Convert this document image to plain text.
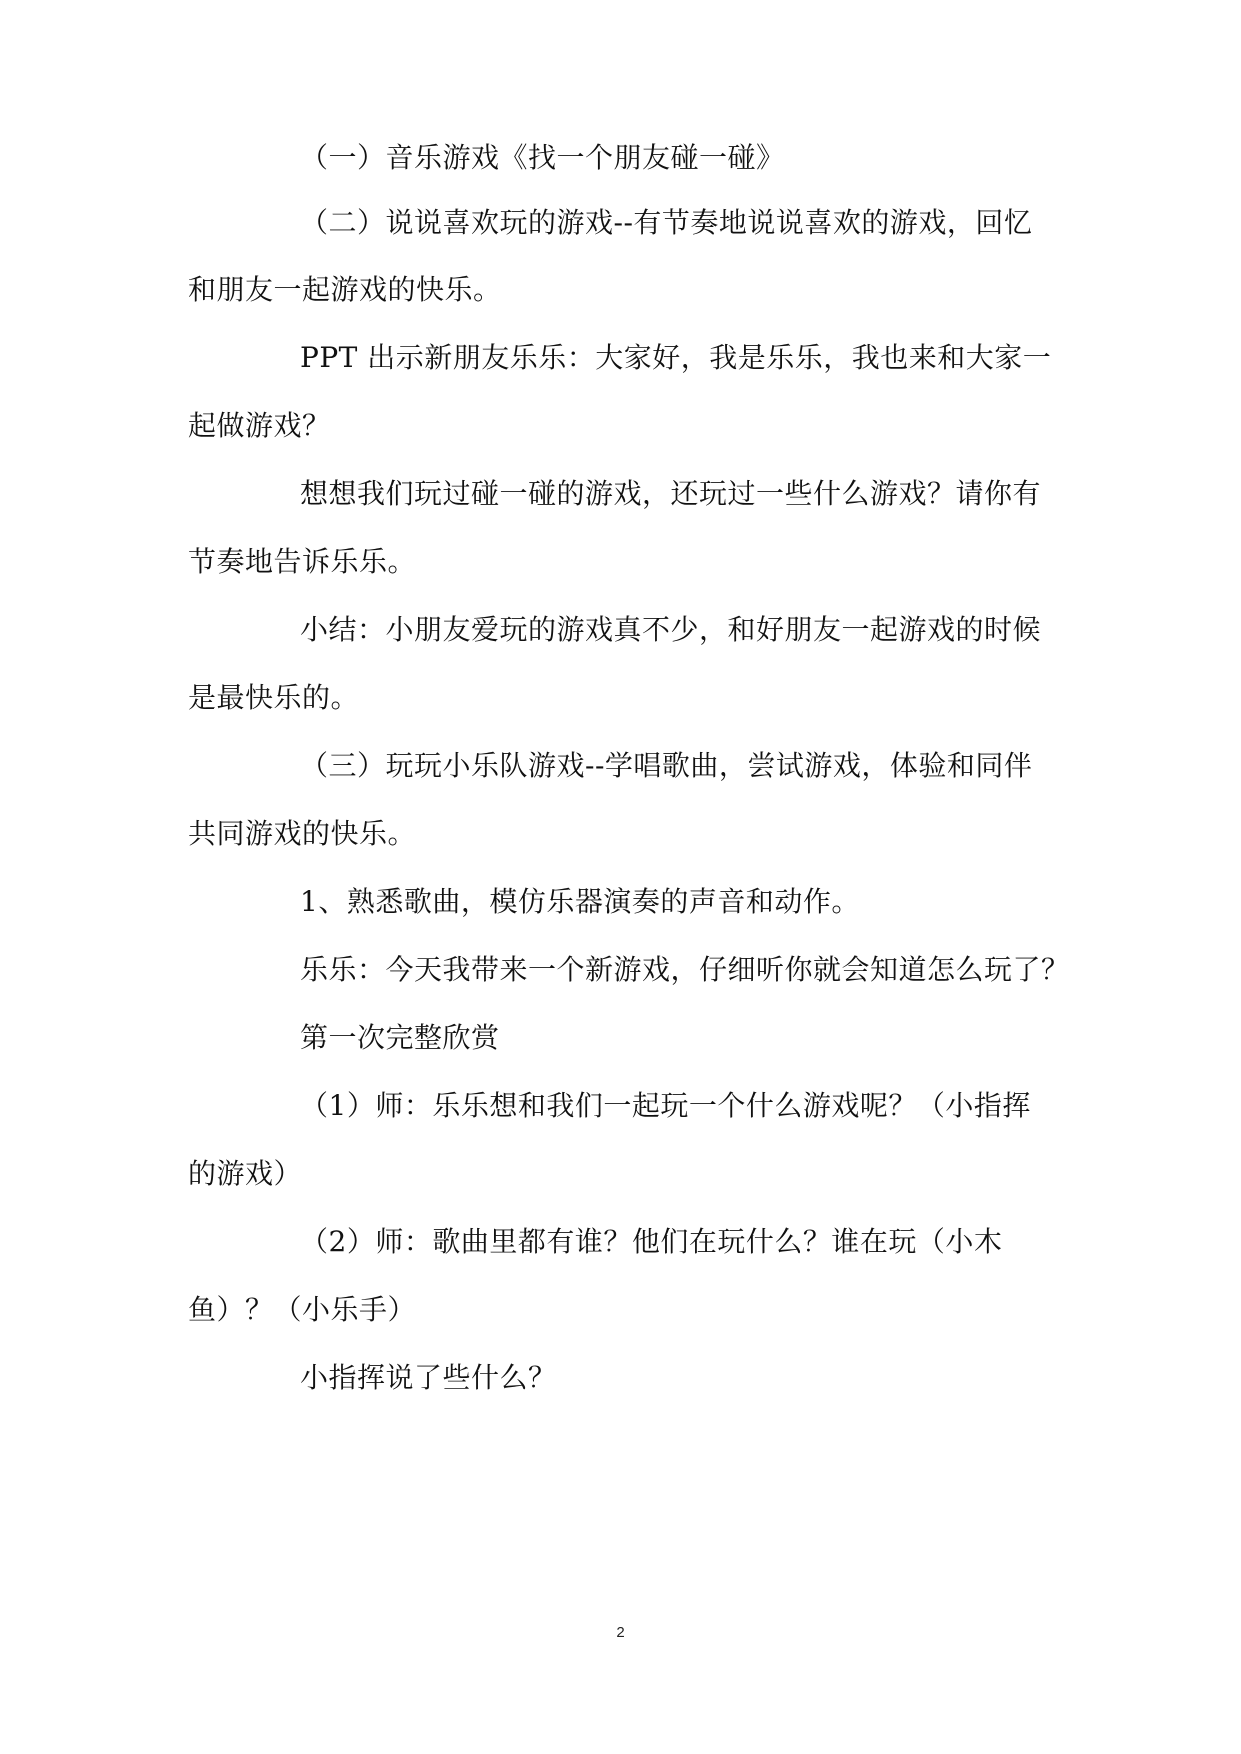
（一）音乐游戏《找一个朋友碰一碰》
（二）说说喜欢玩的游戏--有节奏地说说喜欢的游戏，回忆
和朋友一起游戏的快乐。
PPT 出示新朋友乐乐：大家好，我是乐乐，我也来和大家一
起做游戏？
想想我们玩过碰一碰的游戏，还玩过一些什么游戏？请你有
节奏地告诉乐乐。
小结：小朋友爱玩的游戏真不少，和好朋友一起游戏的时候
是最快乐的。
（三）玩玩小乐队游戏--学唱歌曲，尝试游戏，体验和同伴
共同游戏的快乐。
1、熟悉歌曲，模仿乐器演奏的声音和动作。
乐乐：今天我带来一个新游戏，仔细听你就会知道怎么玩了？
第一次完整欣赏
（1）师：乐乐想和我们一起玩一个什么游戏呢？（小指挥
的游戏）
（2）师：歌曲里都有谁？他们在玩什么？谁在玩（小木
鱼）？（小乐手）
小指挥说了些什么？
2
